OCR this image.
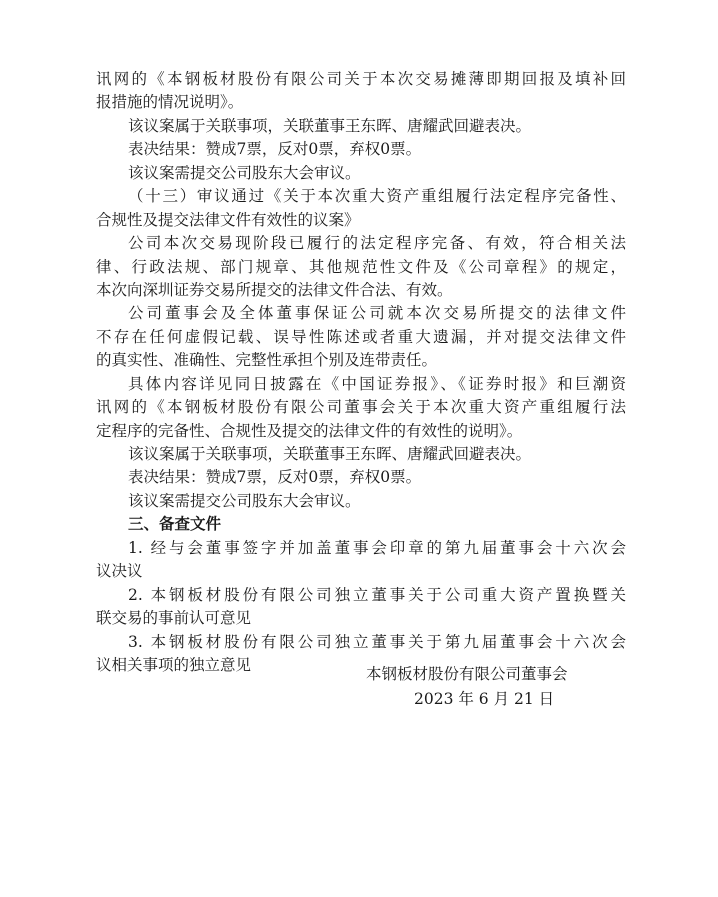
讯网的《本钢板材股份有限公司关于本次交易摊薄即期回报及填补回
报措施的情况说明》。
该议案属于关联事项，关联董事王东晖、唐耀武回避表决。
表决结果：赞成7票，反对0票，弃权0票。
该议案需提交公司股东大会审议。
（十三）审议通过《关于本次重大资产重组履行法定程序完备性、
合规性及提交法律文件有效性的议案》
公司本次交易现阶段已履行的法定程序完备、有效，符合相关法
律、行政法规、部门规章、其他规范性文件及《公司章程》的规定，
本次向深圳证券交易所提交的法律文件合法、有效。
公司董事会及全体董事保证公司就本次交易所提交的法律文件
不存在任何虚假记载、误导性陈述或者重大遗漏，并对提交法律文件
的真实性、准确性、完整性承担个别及连带责任。
具体内容详见同日披露在《中国证券报》、《证券时报》和巨潮资
讯网的《本钢板材股份有限公司董事会关于本次重大资产重组履行法
定程序的完备性、合规性及提交的法律文件的有效性的说明》。
该议案属于关联事项，关联董事王东晖、唐耀武回避表决。
表决结果：赞成7票，反对0票，弃权0票。
该议案需提交公司股东大会审议。
三、备查文件
1. 经与会董事签字并加盖董事会印章的第九届董事会十六次会
议决议
2. 本钢板材股份有限公司独立董事关于公司重大资产置换暨关
联交易的事前认可意见
3. 本钢板材股份有限公司独立董事关于第九届董事会十六次会
议相关事项的独立意见
本钢板材股份有限公司董事会
2023 年 6 月 21 日
